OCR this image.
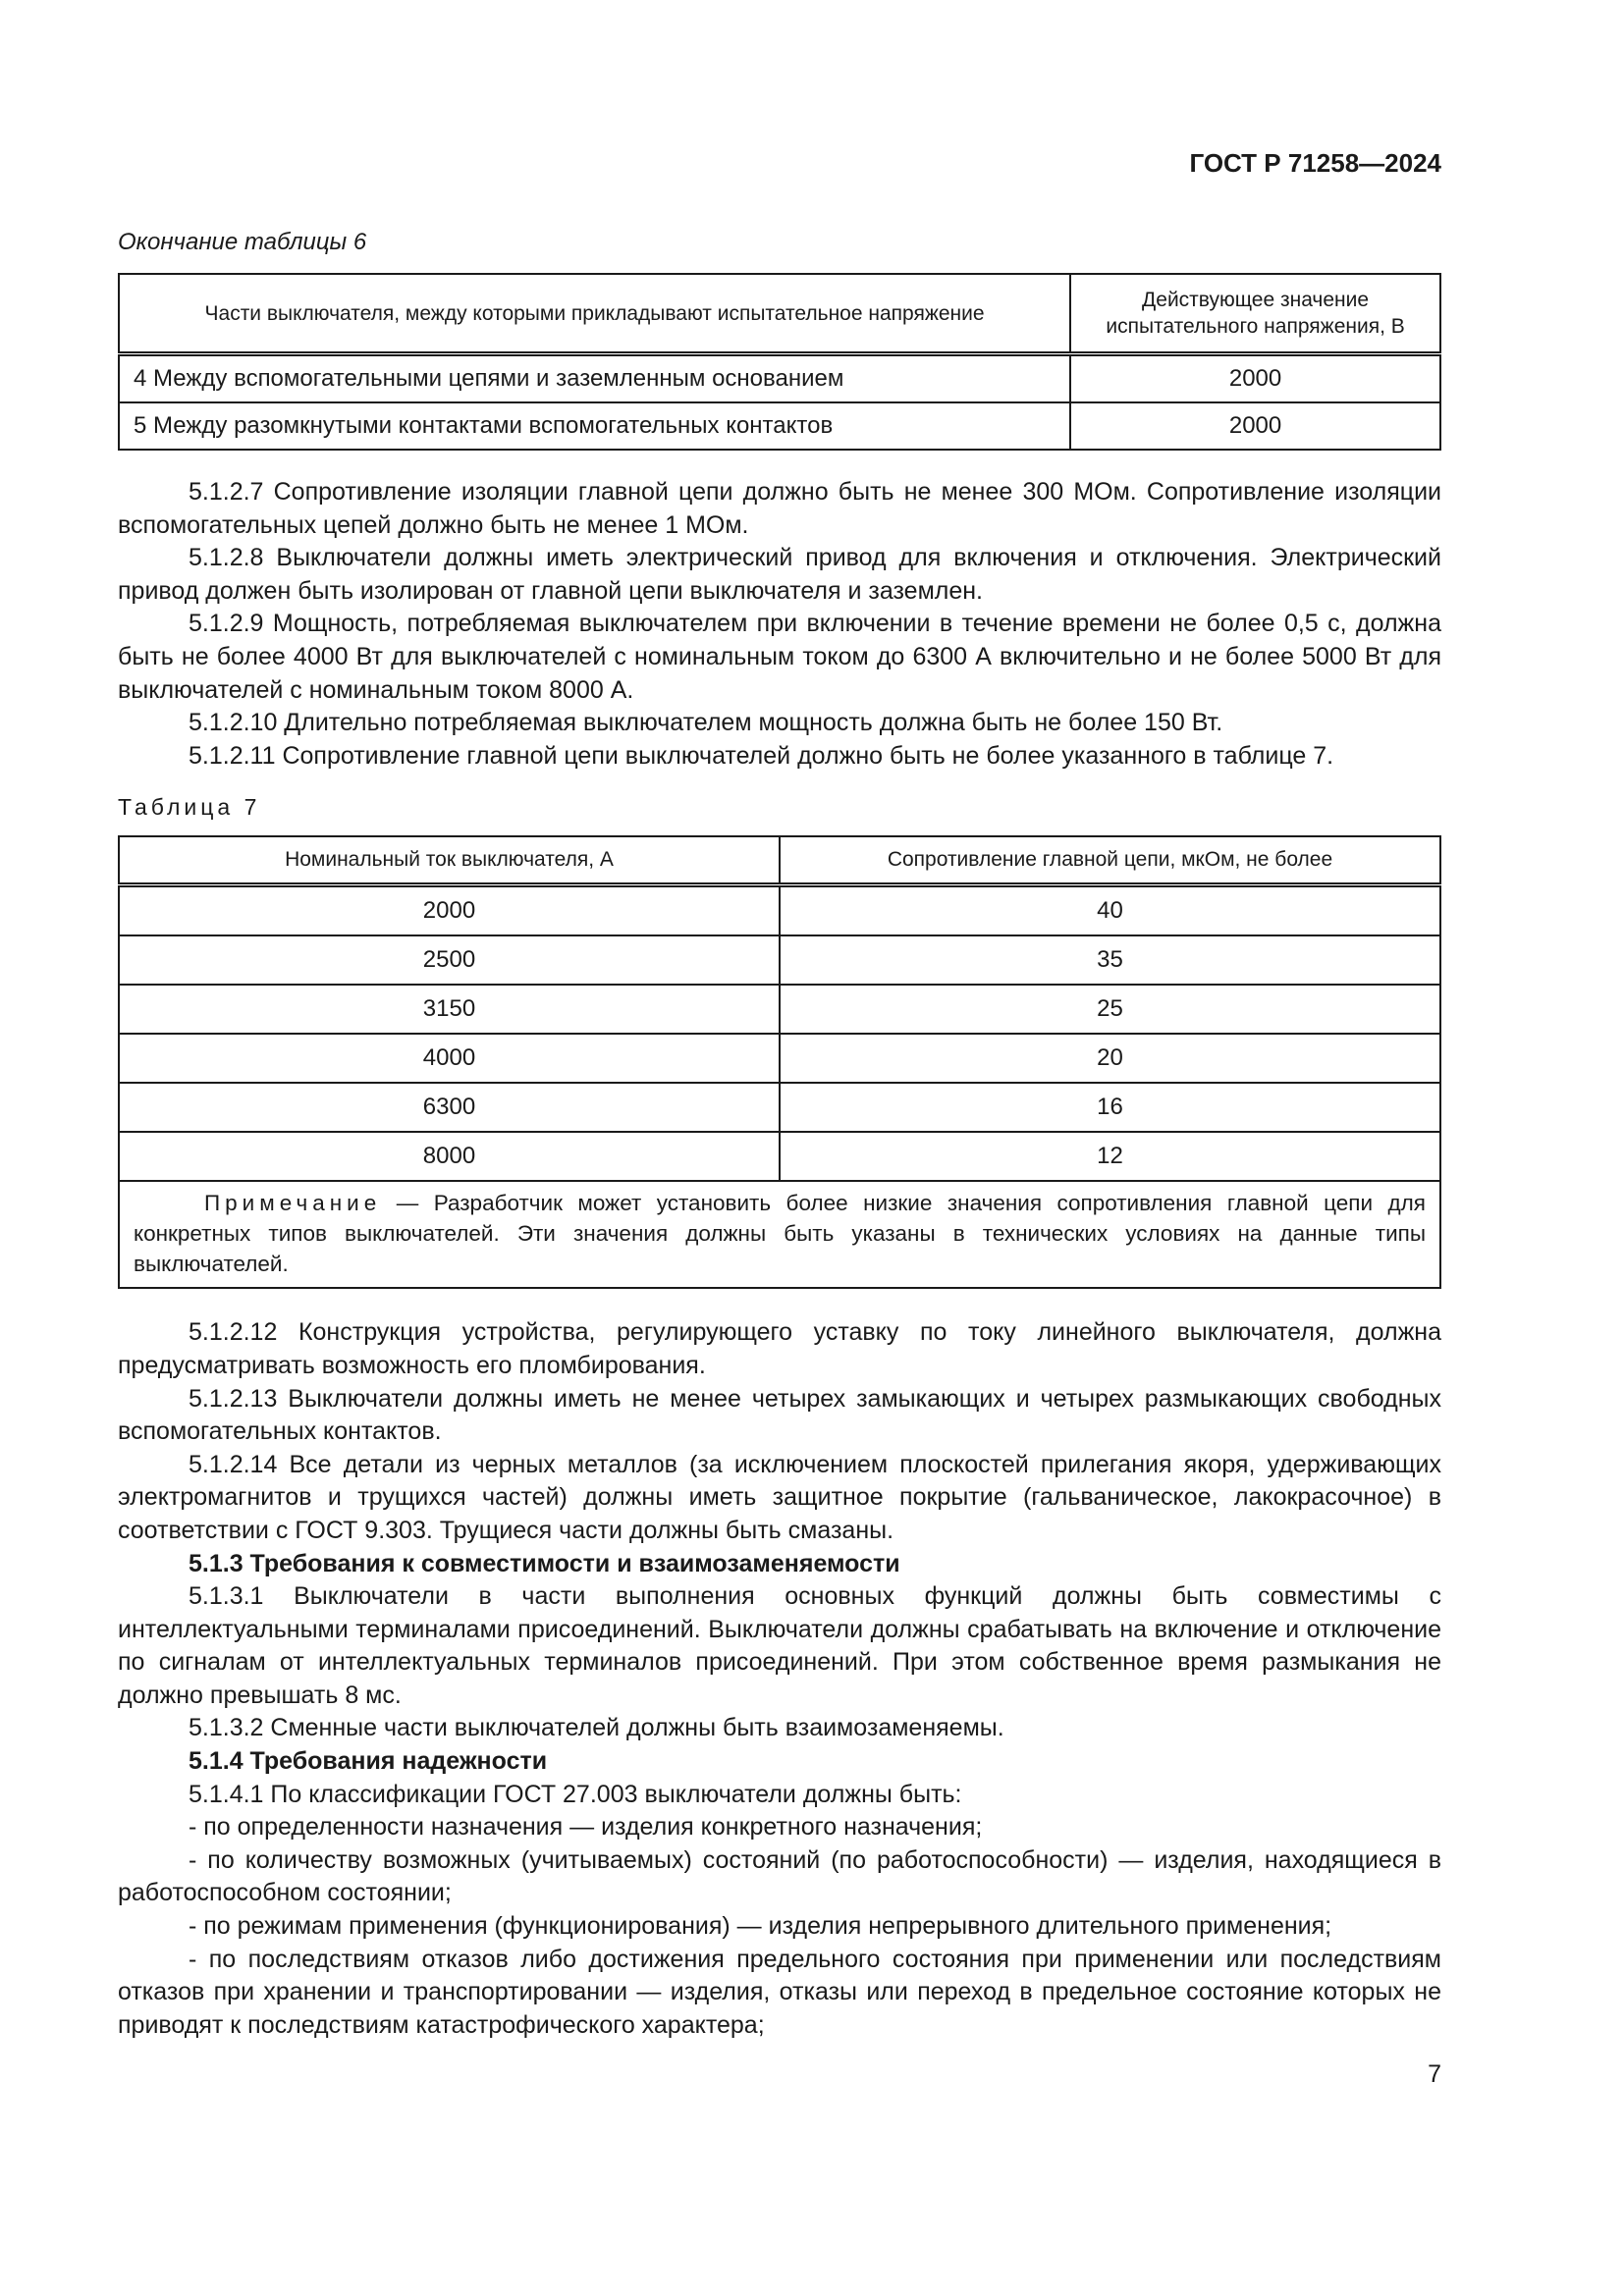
ГОСТ Р 71258—2024
Окончание таблицы 6
Части выключателя, между которыми прикладывают испытательное напряжение	Действующее значение испытательного напряжения, В
4 Между вспомогательными цепями и заземленным основанием	2000
5 Между разомкнутыми контактами вспомогательных контактов	2000

5.1.2.7 Сопротивление изоляции главной цепи должно быть не менее 300 МОм. Сопротивление изоляции вспомогательных цепей должно быть не менее 1 МОм.

5.1.2.8 Выключатели должны иметь электрический привод для включения и отключения. Электрический привод должен быть изолирован от главной цепи выключателя и заземлен.

5.1.2.9 Мощность, потребляемая выключателем при включении в течение времени не более 0,5 с, должна быть не более 4000 Вт для выключателей с номинальным током до 6300 А включительно и не более 5000 Вт для выключателей с номинальным током 8000 А.

5.1.2.10 Длительно потребляемая выключателем мощность должна быть не более 150 Вт.

5.1.2.11 Сопротивление главной цепи выключателей должно быть не более указанного в таблице 7.

Таблица 7
Номинальный ток выключателя, А	Сопротивление главной цепи, мкОм, не более
2000	40
2500	35
3150	25
4000	20
6300	16
8000	12
Примечание — Разработчик может установить более низкие значения сопротивления главной цепи для конкретных типов выключателей. Эти значения должны быть указаны в технических условиях на данные типы выключателей.	

5.1.2.12 Конструкция устройства, регулирующего уставку по току линейного выключателя, должна предусматривать возможность его пломбирования.

5.1.2.13 Выключатели должны иметь не менее четырех замыкающих и четырех размыкающих свободных вспомогательных контактов.

5.1.2.14 Все детали из черных металлов (за исключением плоскостей прилегания якоря, удерживающих электромагнитов и трущихся частей) должны иметь защитное покрытие (гальваническое, лакокрасочное) в соответствии с ГОСТ 9.303. Трущиеся части должны быть смазаны.

5.1.3 Требования к совместимости и взаимозаменяемости

5.1.3.1 Выключатели в части выполнения основных функций должны быть совместимы с интеллектуальными терминалами присоединений. Выключатели должны срабатывать на включение и отключение по сигналам от интеллектуальных терминалов присоединений. При этом собственное время размыкания не должно превышать 8 мс.

5.1.3.2 Сменные части выключателей должны быть взаимозаменяемы.

5.1.4 Требования надежности

5.1.4.1 По классификации ГОСТ 27.003 выключатели должны быть:

- по определенности назначения — изделия конкретного назначения;

- по количеству возможных (учитываемых) состояний (по работоспособности) — изделия, находящиеся в работоспособном состоянии;

- по режимам применения (функционирования) — изделия непрерывного длительного применения;

- по последствиям отказов либо достижения предельного состояния при применении или последствиям отказов при хранении и транспортировании — изделия, отказы или переход в предельное состояние которых не приводят к последствиям катастрофического характера;

7
